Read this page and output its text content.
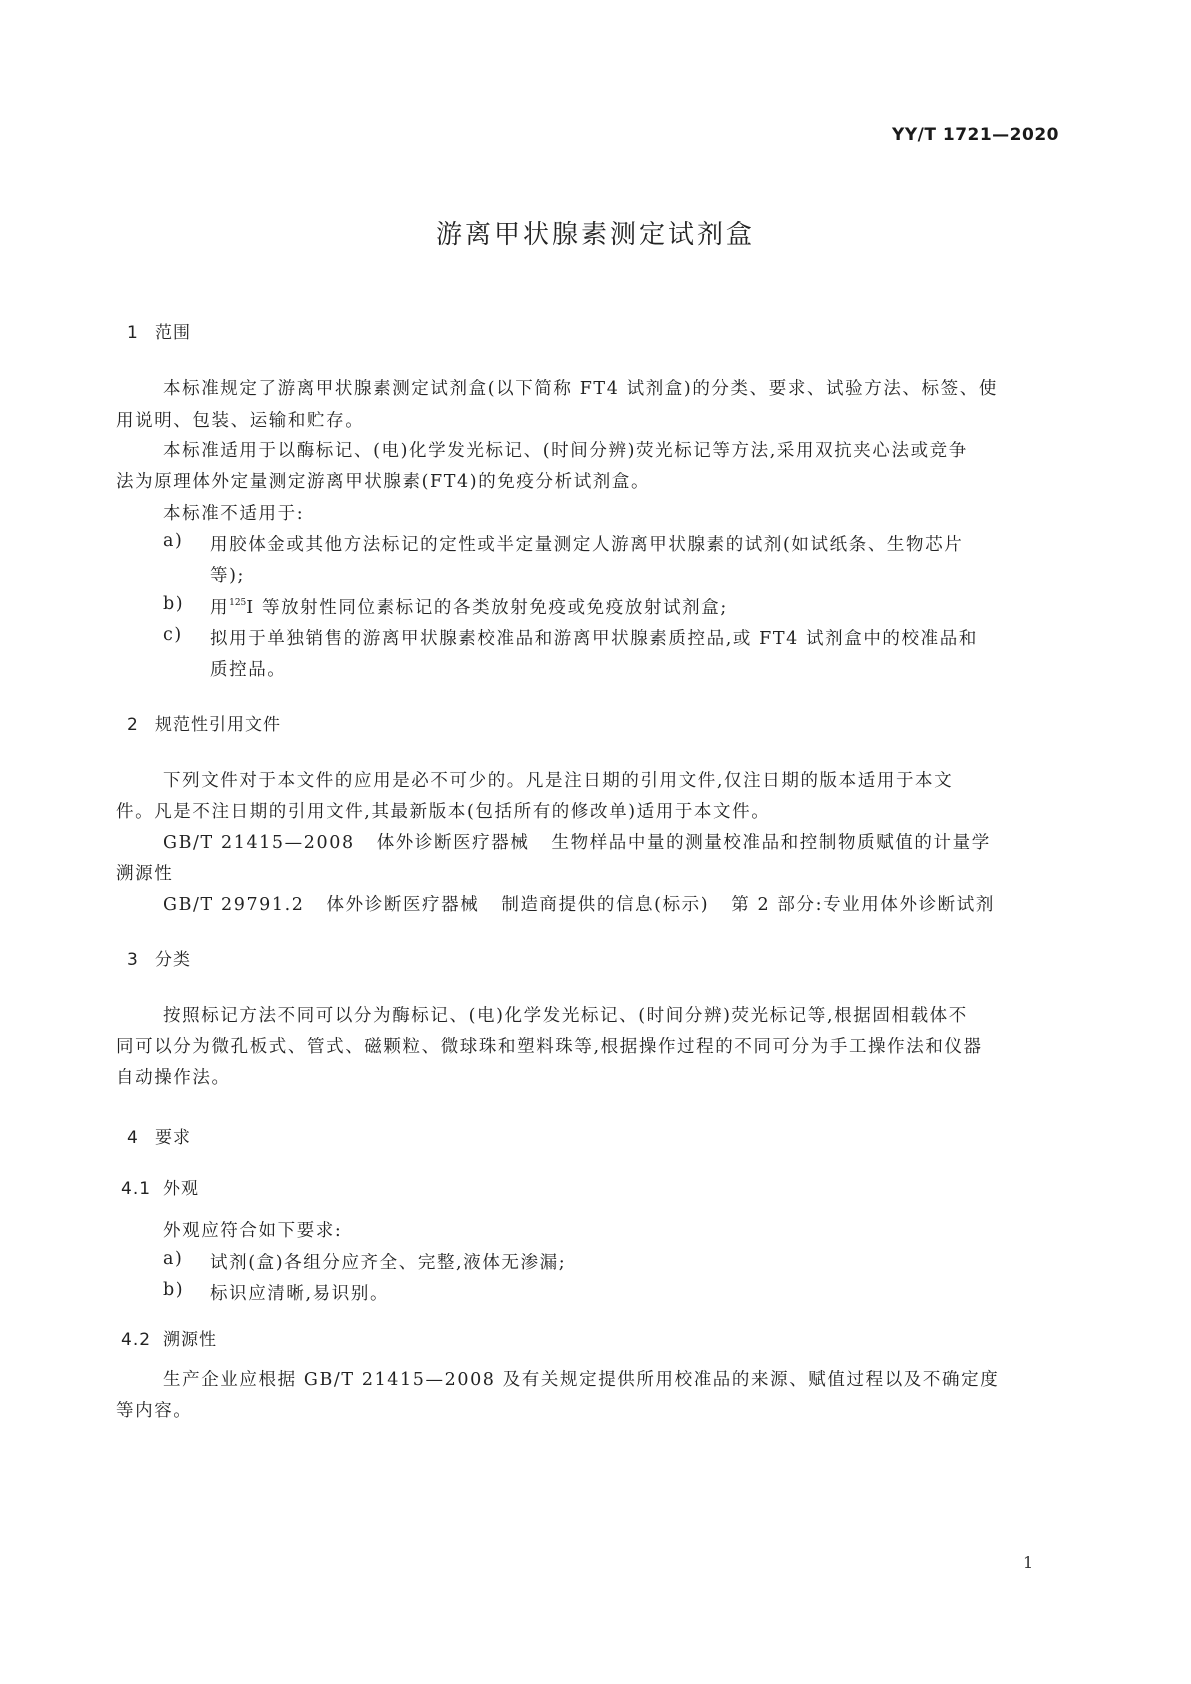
YY/T 1721—2020
游离甲状腺素测定试剂盒
1 范围
本标准规定了游离甲状腺素测定试剂盒(以下简称 FT4 试剂盒)的分类、要求、试验方法、标签、使
用说明、包装、运输和贮存。
本标准适用于以酶标记、(电)化学发光标记、(时间分辨)荧光标记等方法,采用双抗夹心法或竞争
法为原理体外定量测定游离甲状腺素(FT4)的免疫分析试剂盒。
本标准不适用于:
a) 用胶体金或其他方法标记的定性或半定量测定人游离甲状腺素的试剂(如试纸条、生物芯片
等);
b) 用$^{125}$I 等放射性同位素标记的各类放射免疫或免疫放射试剂盒;
c) 拟用于单独销售的游离甲状腺素校准品和游离甲状腺素质控品,或 FT4 试剂盒中的校准品和
质控品。
2 规范性引用文件
下列文件对于本文件的应用是必不可少的。凡是注日期的引用文件,仅注日期的版本适用于本文
件。凡是不注日期的引用文件,其最新版本(包括所有的修改单)适用于本文件。
GB/T 21415—2008 体外诊断医疗器械 生物样品中量的测量校准品和控制物质赋值的计量学
溯源性
GB/T 29791.2 体外诊断医疗器械 制造商提供的信息(标示) 第 2 部分:专业用体外诊断试剂
3 分类
按照标记方法不同可以分为酶标记、(电)化学发光标记、(时间分辨)荧光标记等,根据固相载体不
同可以分为微孔板式、管式、磁颗粒、微球珠和塑料珠等,根据操作过程的不同可分为手工操作法和仪器
自动操作法。
4 要求
4.1 外观
外观应符合如下要求:
a) 试剂(盒)各组分应齐全、完整,液体无渗漏;
b) 标识应清晰,易识别。
4.2 溯源性
生产企业应根据 GB/T 21415—2008 及有关规定提供所用校准品的来源、赋值过程以及不确定度
等内容。
1
